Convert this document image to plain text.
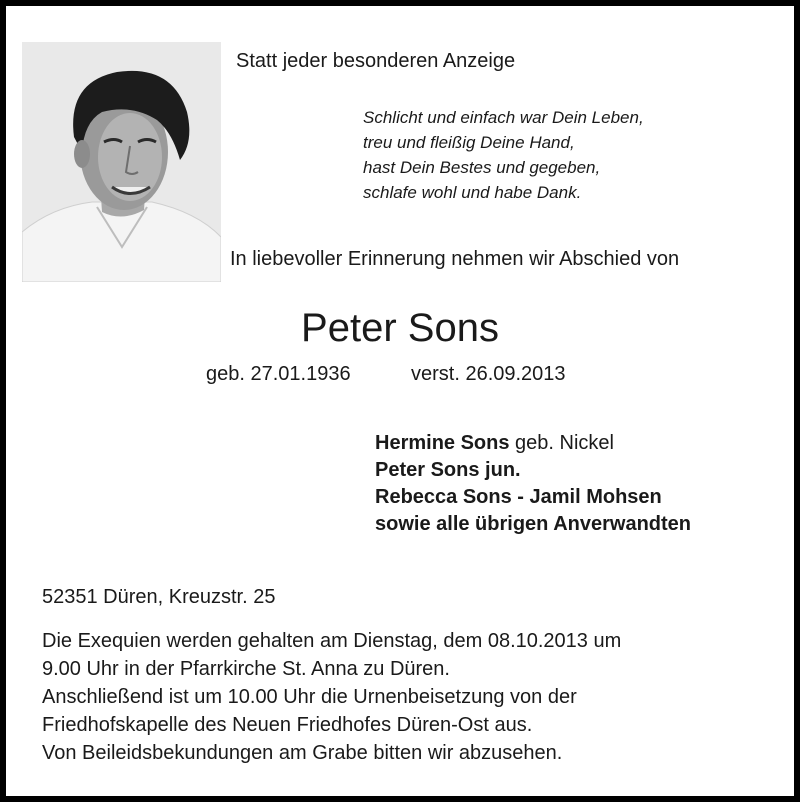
Statt jeder besonderen Anzeige
Schlicht und einfach war Dein Leben,
treu und fleißig Deine Hand,
hast Dein Bestes und gegeben,
schlafe wohl und habe Dank.
In liebevoller Erinnerung nehmen wir Abschied von
Peter Sons
geb. 27.01.1936	verst. 26.09.2013
Hermine Sons geb. Nickel
Peter Sons jun.
Rebecca Sons - Jamil Mohsen
sowie alle übrigen Anverwandten
52351 Düren, Kreuzstr. 25
Die Exequien werden gehalten am Dienstag, dem 08.10.2013 um
9.00 Uhr in der Pfarrkirche St. Anna zu Düren.
Anschließend ist um 10.00 Uhr die Urnenbeisetzung von der
Friedhofskapelle des Neuen Friedhofes Düren-Ost aus.
Von Beileidsbekundungen am Grabe bitten wir abzusehen.
